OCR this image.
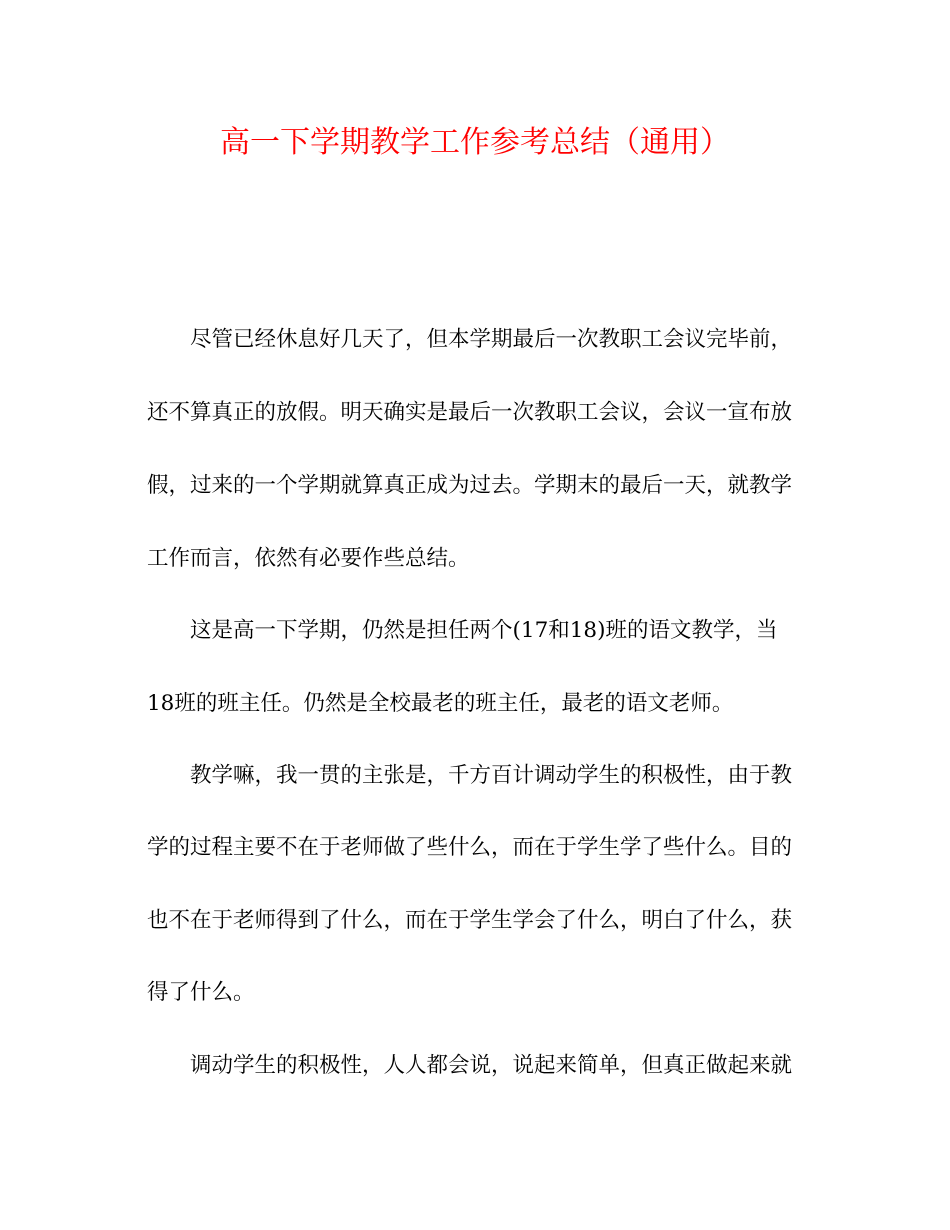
高一下学期教学工作参考总结（通用）
尽管已经休息好几天了，但本学期最后一次教职工会议完毕前，
还不算真正的放假。明天确实是最后一次教职工会议，会议一宣布放
假，过来的一个学期就算真正成为过去。学期末的最后一天，就教学
工作而言，依然有必要作些总结。
这是高一下学期，仍然是担任两个(17和18)班的语文教学，当
18班的班主任。仍然是全校最老的班主任，最老的语文老师。
教学嘛，我一贯的主张是，千方百计调动学生的积极性，由于教
学的过程主要不在于老师做了些什么，而在于学生学了些什么。目的
也不在于老师得到了什么，而在于学生学会了什么，明白了什么，获
得了什么。
调动学生的积极性，人人都会说，说起来简单，但真正做起来就
